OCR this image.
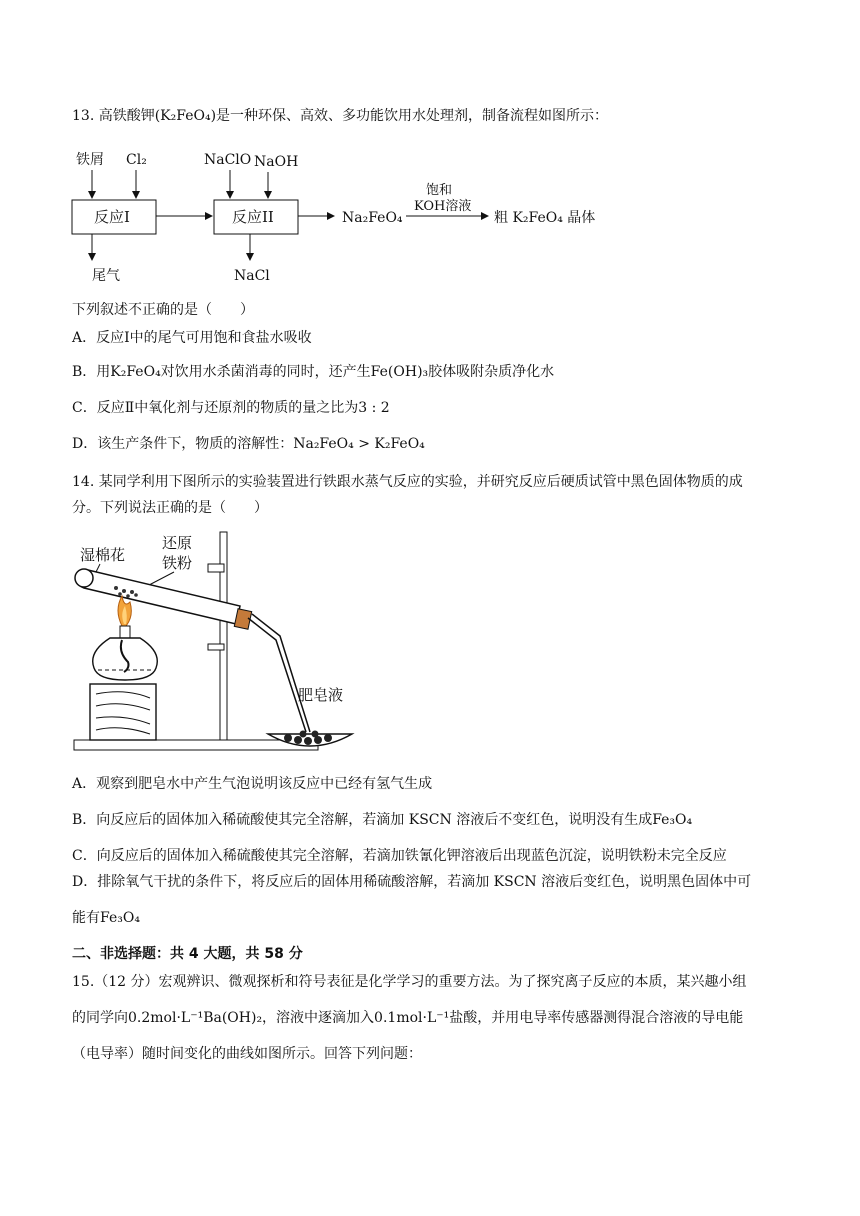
13. 高铁酸钾(K₂FeO₄)是一种环保、高效、多功能饮用水处理剂，制备流程如图所示：
铁屑 Cl₂
反应I
尾气
NaClO NaOH
反应II
NaCl
Na₂FeO₄
饱和
KOH溶液
粗 K₂FeO₄ 晶体
下列叙述不正确的是（　　）
A．反应Ⅰ中的尾气可用饱和食盐水吸收
B．用K₂FeO₄对饮用水杀菌消毒的同时，还产生Fe(OH)₃胶体吸附杂质净化水
C．反应Ⅱ中氧化剂与还原剂的物质的量之比为3 : 2
D．该生产条件下，物质的溶解性：Na₂FeO₄ > K₂FeO₄
14. 某同学利用下图所示的实验装置进行铁跟水蒸气反应的实验，并研究反应后硬质试管中黑色固体物质的成
分。下列说法正确的是（　　）
湿棉花
还原
铁粉
肥皂液
A．观察到肥皂水中产生气泡说明该反应中已经有氢气生成
B．向反应后的固体加入稀硫酸使其完全溶解，若滴加 KSCN 溶液后不变红色，说明没有生成Fe₃O₄
C．向反应后的固体加入稀硫酸使其完全溶解，若滴加铁氰化钾溶液后出现蓝色沉淀，说明铁粉未完全反应
D．排除氧气干扰的条件下，将反应后的固体用稀硫酸溶解，若滴加 KSCN 溶液后变红色，说明黑色固体中可
能有Fe₃O₄
二、非选择题：共 4 大题，共 58 分
15.（12 分）宏观辨识、微观探析和符号表征是化学学习的重要方法。为了探究离子反应的本质，某兴趣小组
的同学向0.2mol·L⁻¹Ba(OH)₂，溶液中逐滴加入0.1mol·L⁻¹盐酸，并用电导率传感器测得混合溶液的导电能
（电导率）随时间变化的曲线如图所示。回答下列问题：
